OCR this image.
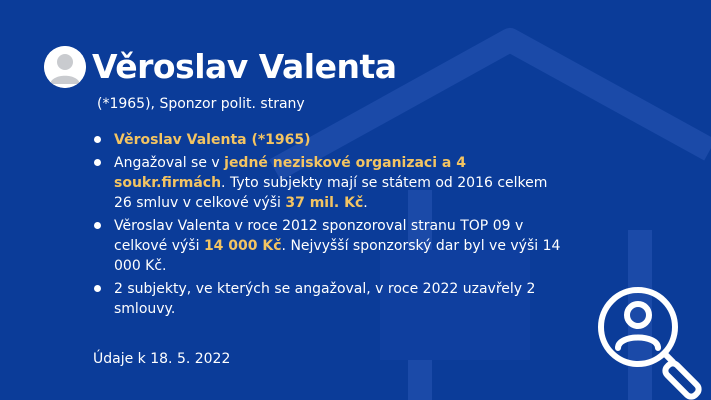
Věroslav Valenta
(*1965), Sponzor polit. strany
Věroslav Valenta (*1965)
Angažoval se v jedné neziskové organizaci a 4 soukr.firmách. Tyto subjekty mají se státem od 2016 celkem 26 smluv v celkové výši 37 mil. Kč.
Věroslav Valenta v roce 2012 sponzoroval stranu TOP 09 v celkové výši 14 000 Kč. Nejvyšší sponzorský dar byl ve výši 14 000 Kč.
2 subjekty, ve kterých se angažoval, v roce 2022 uzavřely 2 smlouvy.
Údaje k 18. 5. 2022
